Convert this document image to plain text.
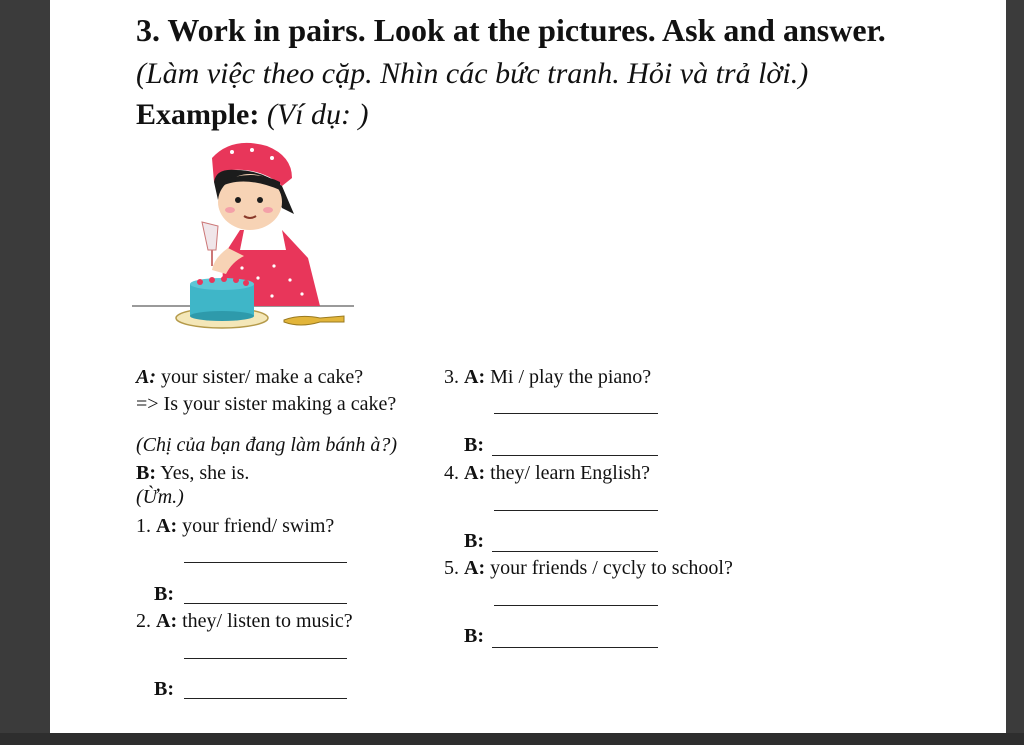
3. Work in pairs. Look at the pictures. Ask and answer.
(Làm việc theo cặp. Nhìn các bức tranh. Hỏi và trả lời.)
Example: (Ví dụ: )
A: your sister/ make a cake?
=> Is your sister making a cake?
(Chị của bạn đang làm bánh à?)
B: Yes, she is.
(Ừm.)
1. A: your friend/ swim?
B:
2. A: they/ listen to music?
B:
3. A: Mi / play the piano?
B:
4. A: they/ learn English?
B:
5. A: your friends / cycly to school?
B:
